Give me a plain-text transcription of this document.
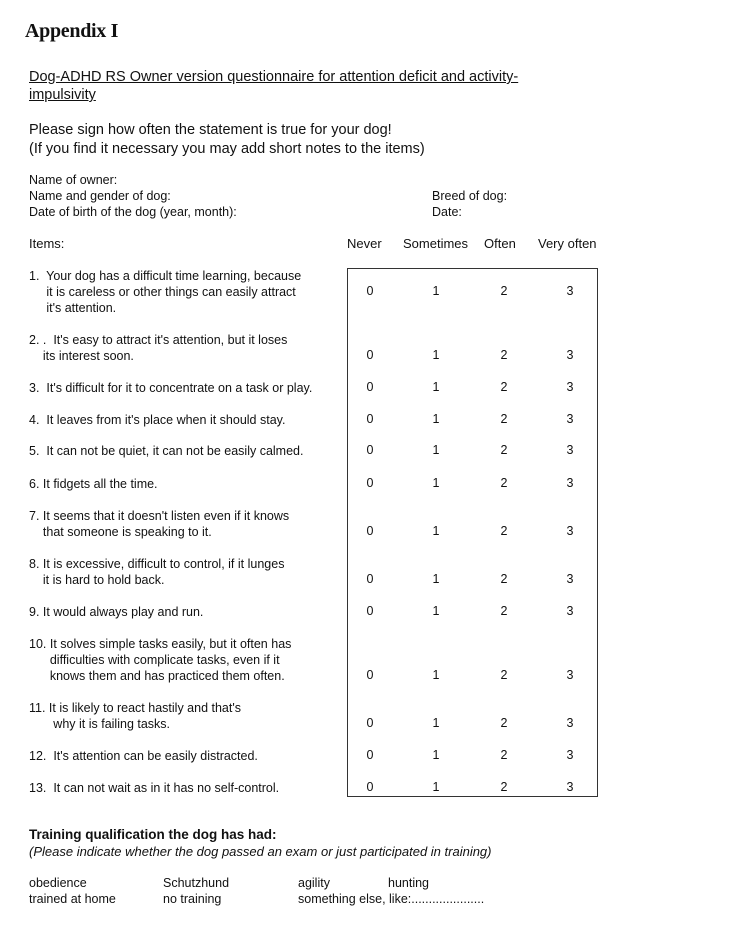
Appendix I
Dog-ADHD RS Owner version questionnaire for attention deficit and activity-
impulsivity
Please sign how often the statement is true for your dog!
(If you find it necessary you may add short notes to the items)
Name of owner:
Name and gender of dog:
Date of birth of the dog (year, month):
Breed of dog:
Date:
Items:	Never Sometimes Often Very often
1.  Your dog has a difficult time learning, because
it is careless or other things can easily attract
it's attention.
0	1	2	3
2. .  It's easy to attract it's attention, but it loses
its interest soon.	0	1	2	3
3.  It's difficult for it to concentrate on a task or play.	0	1	2	3
4.  It leaves from it's place when it should stay.	0	1	2	3
5.  It can not be quiet, it can not be easily calmed.	0	1	2	3
6. It fidgets all the time.	0	1	2	3
7. It seems that it doesn't listen even if it knows
that someone is speaking to it.	0	1	2	3
8. It is excessive, difficult to control, if it lunges
it is hard to hold back.	0	1	2	3
9. It would always play and run.	0	1	2	3
10. It solves simple tasks easily, but it often has
difficulties with complicate tasks, even if it
knows them and has practiced them often.	0	1	2	3
11. It is likely to react hastily and that's
why it is failing tasks.	0	1	2	3
12.  It's attention can be easily distracted.	0	1	2	3
13.  It can not wait as in it has no self-control.	0	1	2	3
Training qualification the dog has had:
(Please indicate whether the dog passed an exam or just participated in training)
obedience	Schutzhund	agility	hunting
trained at home	no training	something else, like:.....................
